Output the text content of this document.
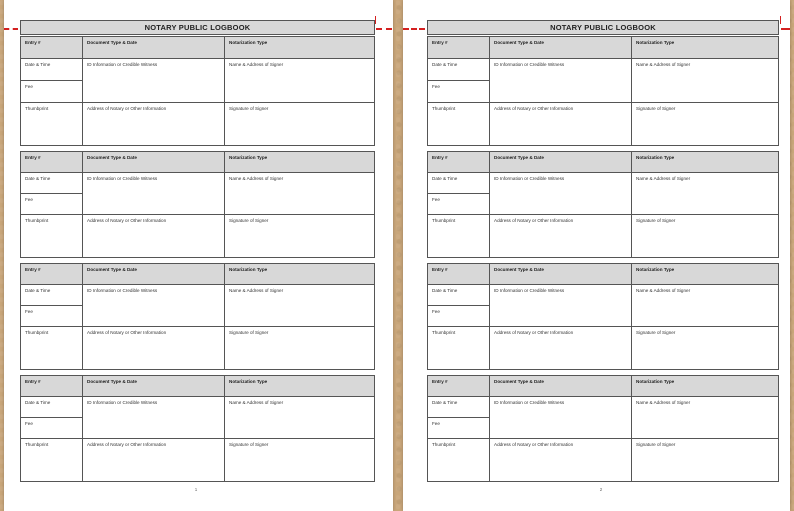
NOTARY PUBLIC LOGBOOK
Entry #	Document Type & Date	Notarization Type
Date & Time	ID Information or Credible Witness	Name & Address of Signer
Fee		
Thumbprint	Address of Notary or Other Information	Signature of Signer
Entry #	Document Type & Date	Notarization Type
Date & Time	ID Information or Credible Witness	Name & Address of Signer
Fee		
Thumbprint	Address of Notary or Other Information	Signature of Signer
Entry #	Document Type & Date	Notarization Type
Date & Time	ID Information or Credible Witness	Name & Address of Signer
Fee		
Thumbprint	Address of Notary or Other Information	Signature of Signer
Entry #	Document Type & Date	Notarization Type
Date & Time	ID Information or Credible Witness	Name & Address of Signer
Fee		
Thumbprint	Address of Notary or Other Information	Signature of Signer
1
NOTARY PUBLIC LOGBOOK
Entry #	Document Type & Date	Notarization Type
Date & Time	ID Information or Credible Witness	Name & Address of Signer
Fee		
Thumbprint	Address of Notary or Other Information	Signature of Signer
Entry #	Document Type & Date	Notarization Type
Date & Time	ID Information or Credible Witness	Name & Address of Signer
Fee		
Thumbprint	Address of Notary or Other Information	Signature of Signer
Entry #	Document Type & Date	Notarization Type
Date & Time	ID Information or Credible Witness	Name & Address of Signer
Fee		
Thumbprint	Address of Notary or Other Information	Signature of Signer
Entry #	Document Type & Date	Notarization Type
Date & Time	ID Information or Credible Witness	Name & Address of Signer
Fee		
Thumbprint	Address of Notary or Other Information	Signature of Signer
2
